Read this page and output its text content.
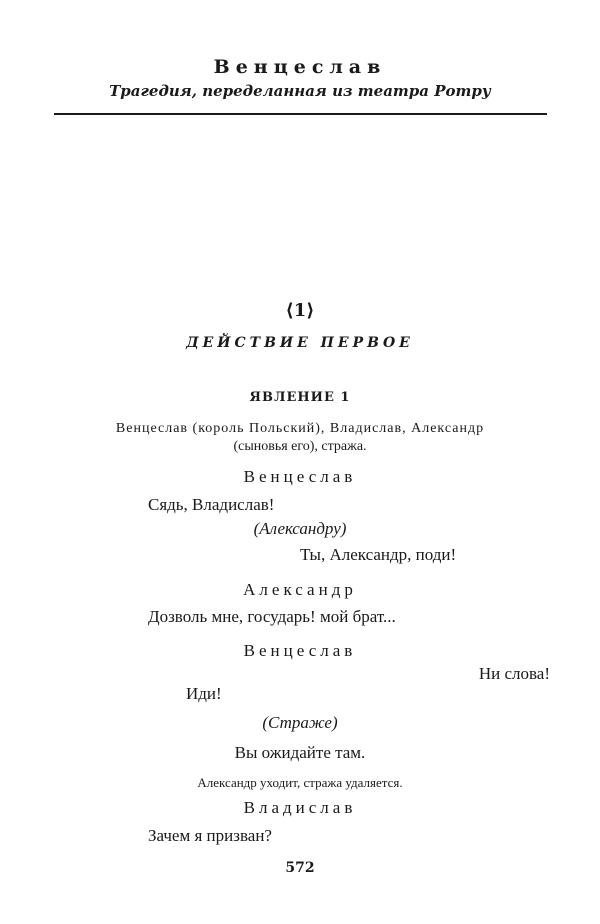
Венцеслав
Трагедия, переделанная из театра Ротру
⟨1⟩
ДЕЙСТВИЕ ПЕРВОЕ
ЯВЛЕНИЕ 1
Венцеслав (король Польский), Владислав, Александр
(сыновья его), стража.
Венцеслав
Сядь, Владислав!
(Александру)
Ты, Александр, поди!
Александр
Дозволь мне, государь! мой брат...
Венцеслав
Ни слова!
Иди!
(Страже)
Вы ожидайте там.
Александр уходит, стража удаляется.
Владислав
Зачем я призван?
572
